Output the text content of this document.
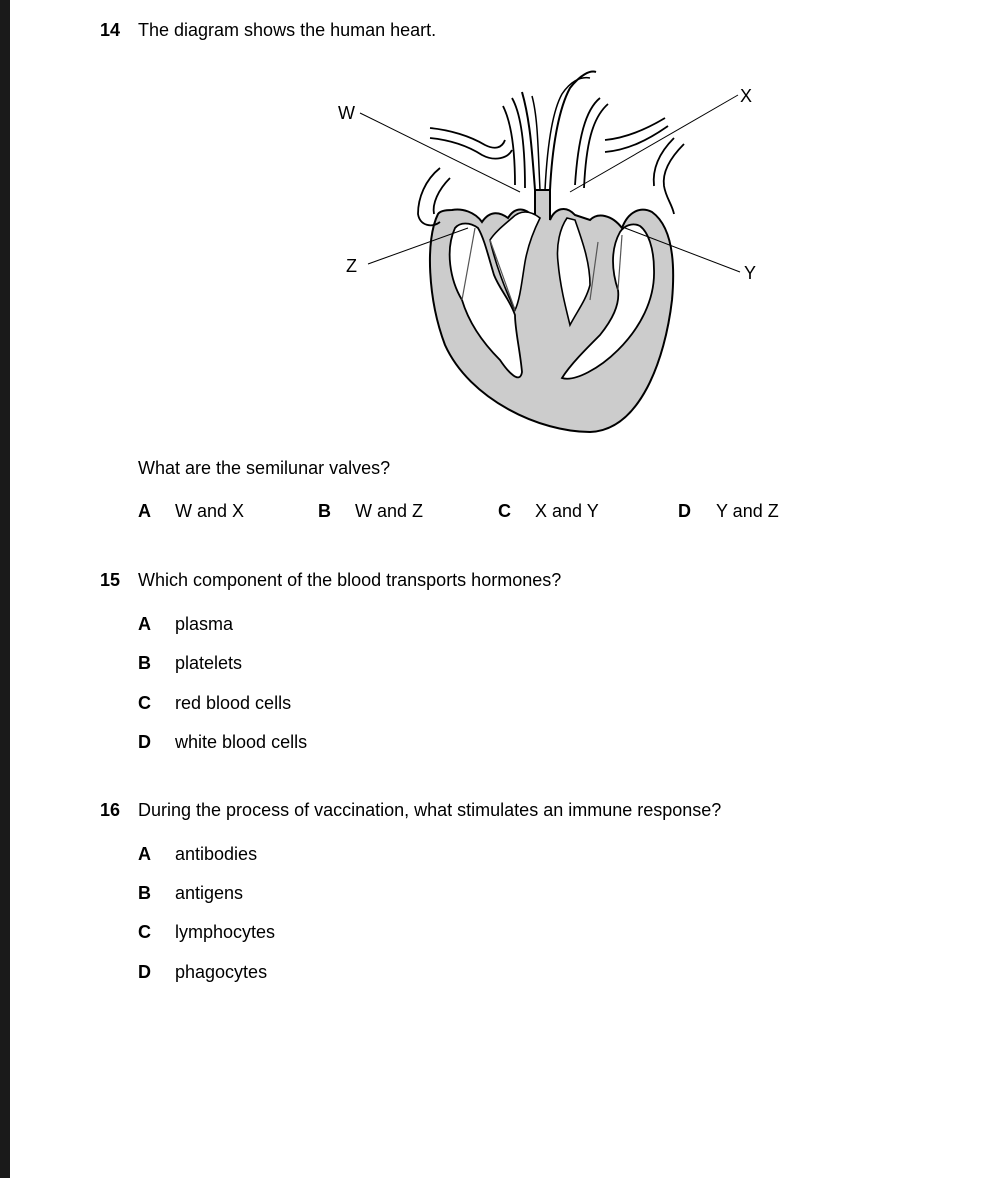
14 The diagram shows the human heart.
W
X
Y
Z
What are the semilunar valves?
A W and X	B W and Z	C X and Y	D Y and Z
15 Which component of the blood transports hormones?
A plasma
B platelets
C red blood cells
D white blood cells
16 During the process of vaccination, what stimulates an immune response?
A antibodies
B antigens
C lymphocytes
D phagocytes
